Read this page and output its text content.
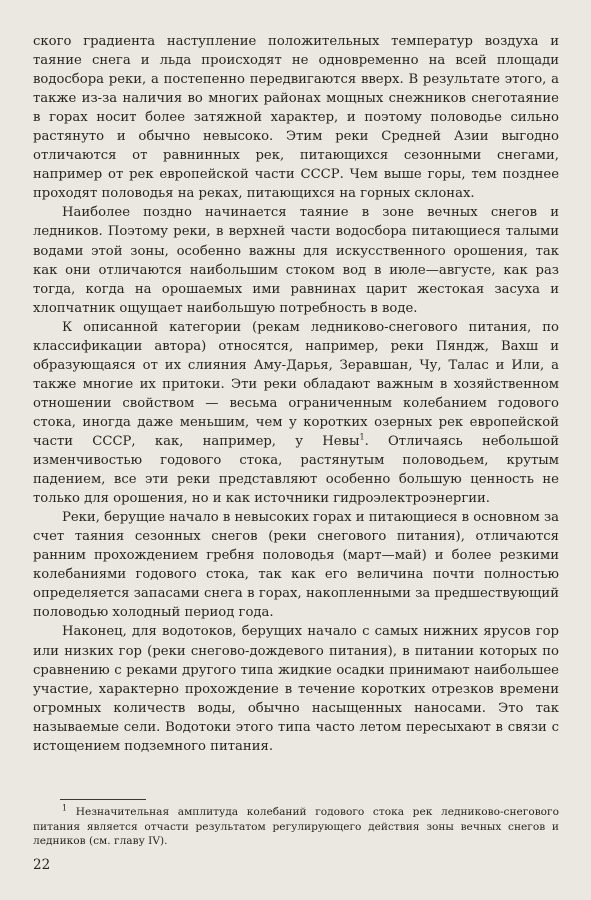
ского градиента наступление положительных температур воздуха и таяние снега и льда происходят не одновременно на всей площади водосбора реки, а постепенно передвигаются вверх. В результате этого, а также из-за наличия во многих районах мощных снежников снеготаяние в горах носит более затяжной характер, и поэтому половодье сильно растянуто и обычно невысоко. Этим реки Средней Азии выгодно отличаются от равнинных рек, питающихся сезонными снегами, например от рек европейской части СССР. Чем выше горы, тем позднее проходят половодья на реках, питающихся на горных склонах.

Наиболее поздно начинается таяние в зоне вечных снегов и ледников. Поэтому реки, в верхней части водосбора питающиеся талыми водами этой зоны, особенно важны для искусственного орошения, так как они отличаются наибольшим стоком вод в июле—августе, как раз тогда, когда на орошаемых ими равнинах царит жестокая засуха и хлопчатник ощущает наибольшую потребность в воде.

К описанной категории (рекам ледниково-снегового питания, по классификации автора) относятся, например, реки Пяндж, Вахш и образующаяся от их слияния Аму-Дарья, Зеравшан, Чу, Талас и Или, а также многие их притоки. Эти реки обладают важным в хозяйственном отношении свойством — весьма ограниченным колебанием годового стока, иногда даже меньшим, чем у коротких озерных рек европейской части СССР, как, например, у Невы$^1$. Отличаясь небольшой изменчивостью годового стока, растянутым половодьем, крутым падением, все эти реки представляют особенно большую ценность не только для орошения, но и как источники гидроэлектроэнергии.

Реки, берущие начало в невысоких горах и питающиеся в основном за счет таяния сезонных снегов (реки снегового питания), отличаются ранним прохождением гребня половодья (март—май) и более резкими колебаниями годового стока, так как его величина почти полностью определяется запасами снега в горах, накопленными за предшествующий половодью холодный период года.

Наконец, для водотоков, берущих начало с самых нижних ярусов гор или низких гор (реки снегово-дождевого питания), в питании которых по сравнению с реками другого типа жидкие осадки принимают наибольшее участие, характерно прохождение в течение коротких отрезков времени огромных количеств воды, обычно насыщенных наносами. Это так называемые сели. Водотоки этого типа часто летом пересыхают в связи с истощением подземного питания.

$^1$ Незначительная амплитуда колебаний годового стока рек ледниково-снегового питания является отчасти результатом регулирующего действия зоны вечных снегов и ледников (см. главу IV).

22
